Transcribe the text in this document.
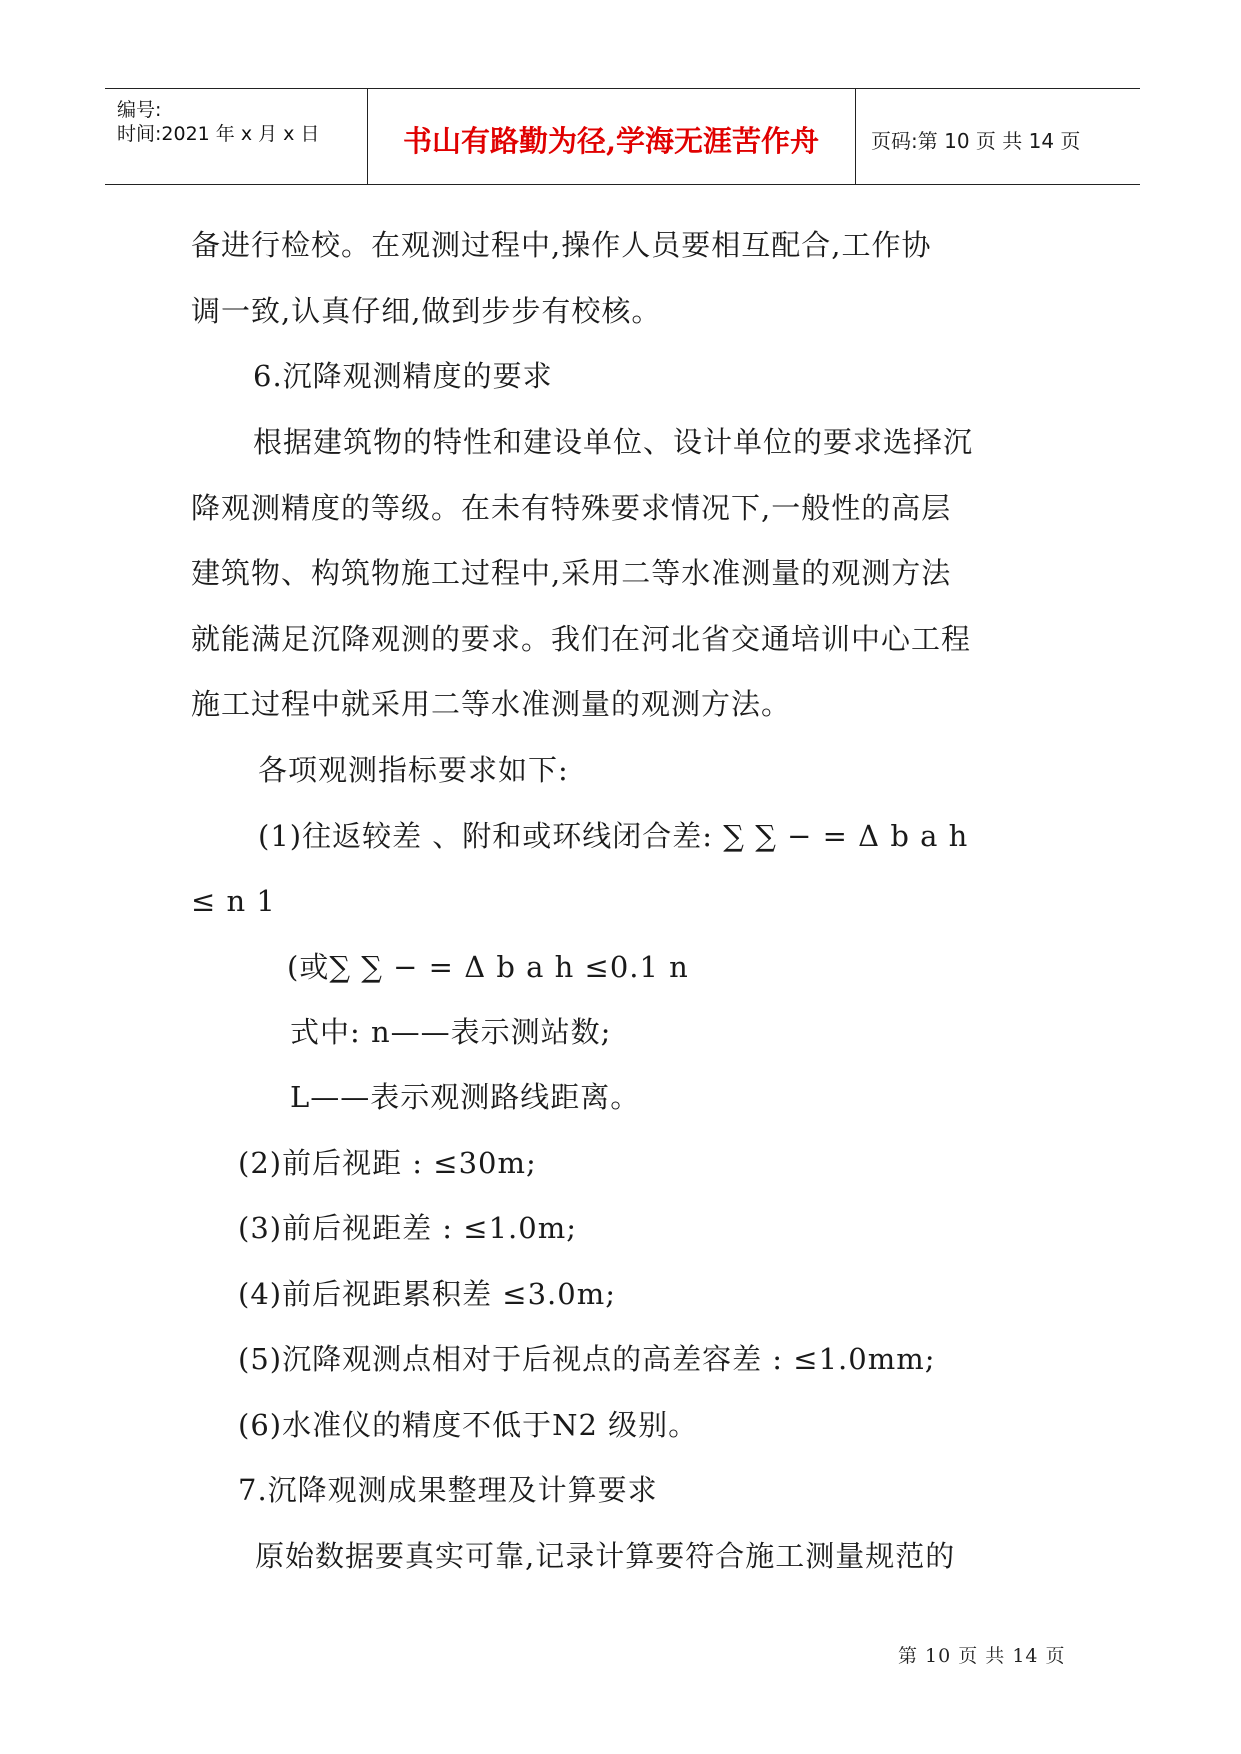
编号:
时间:2021 年 x 月 x 日	书山有路勤为径,学海无涯苦作舟	页码:第 10 页 共 14 页
备进行检校。在观测过程中,操作人员要相互配合,工作协
调一致,认真仔细,做到步步有校核。
6.沉降观测精度的要求
根据建筑物的特性和建设单位、设计单位的要求选择沉
降观测精度的等级。在未有特殊要求情况下,一般性的高层
建筑物、构筑物施工过程中,采用二等水准测量的观测方法
就能满足沉降观测的要求。我们在河北省交通培训中心工程
施工过程中就采用二等水准测量的观测方法。
各项观测指标要求如下:
(1)往返较差 、附和或环线闭合差: ∑ ∑ − = Δ b a h
≤ n 1
(或∑ ∑ − = Δ b a h ≤0.1 n
式中: n——表示测站数;
L——表示观测路线距离。
(2)前后视距 : ≤30m;
(3)前后视距差 : ≤1.0m;
(4)前后视距累积差 ≤3.0m;
(5)沉降观测点相对于后视点的高差容差 : ≤1.0mm;
(6)水准仪的精度不低于N2 级别。
7.沉降观测成果整理及计算要求
原始数据要真实可靠,记录计算要符合施工测量规范的
第 10 页 共 14 页
